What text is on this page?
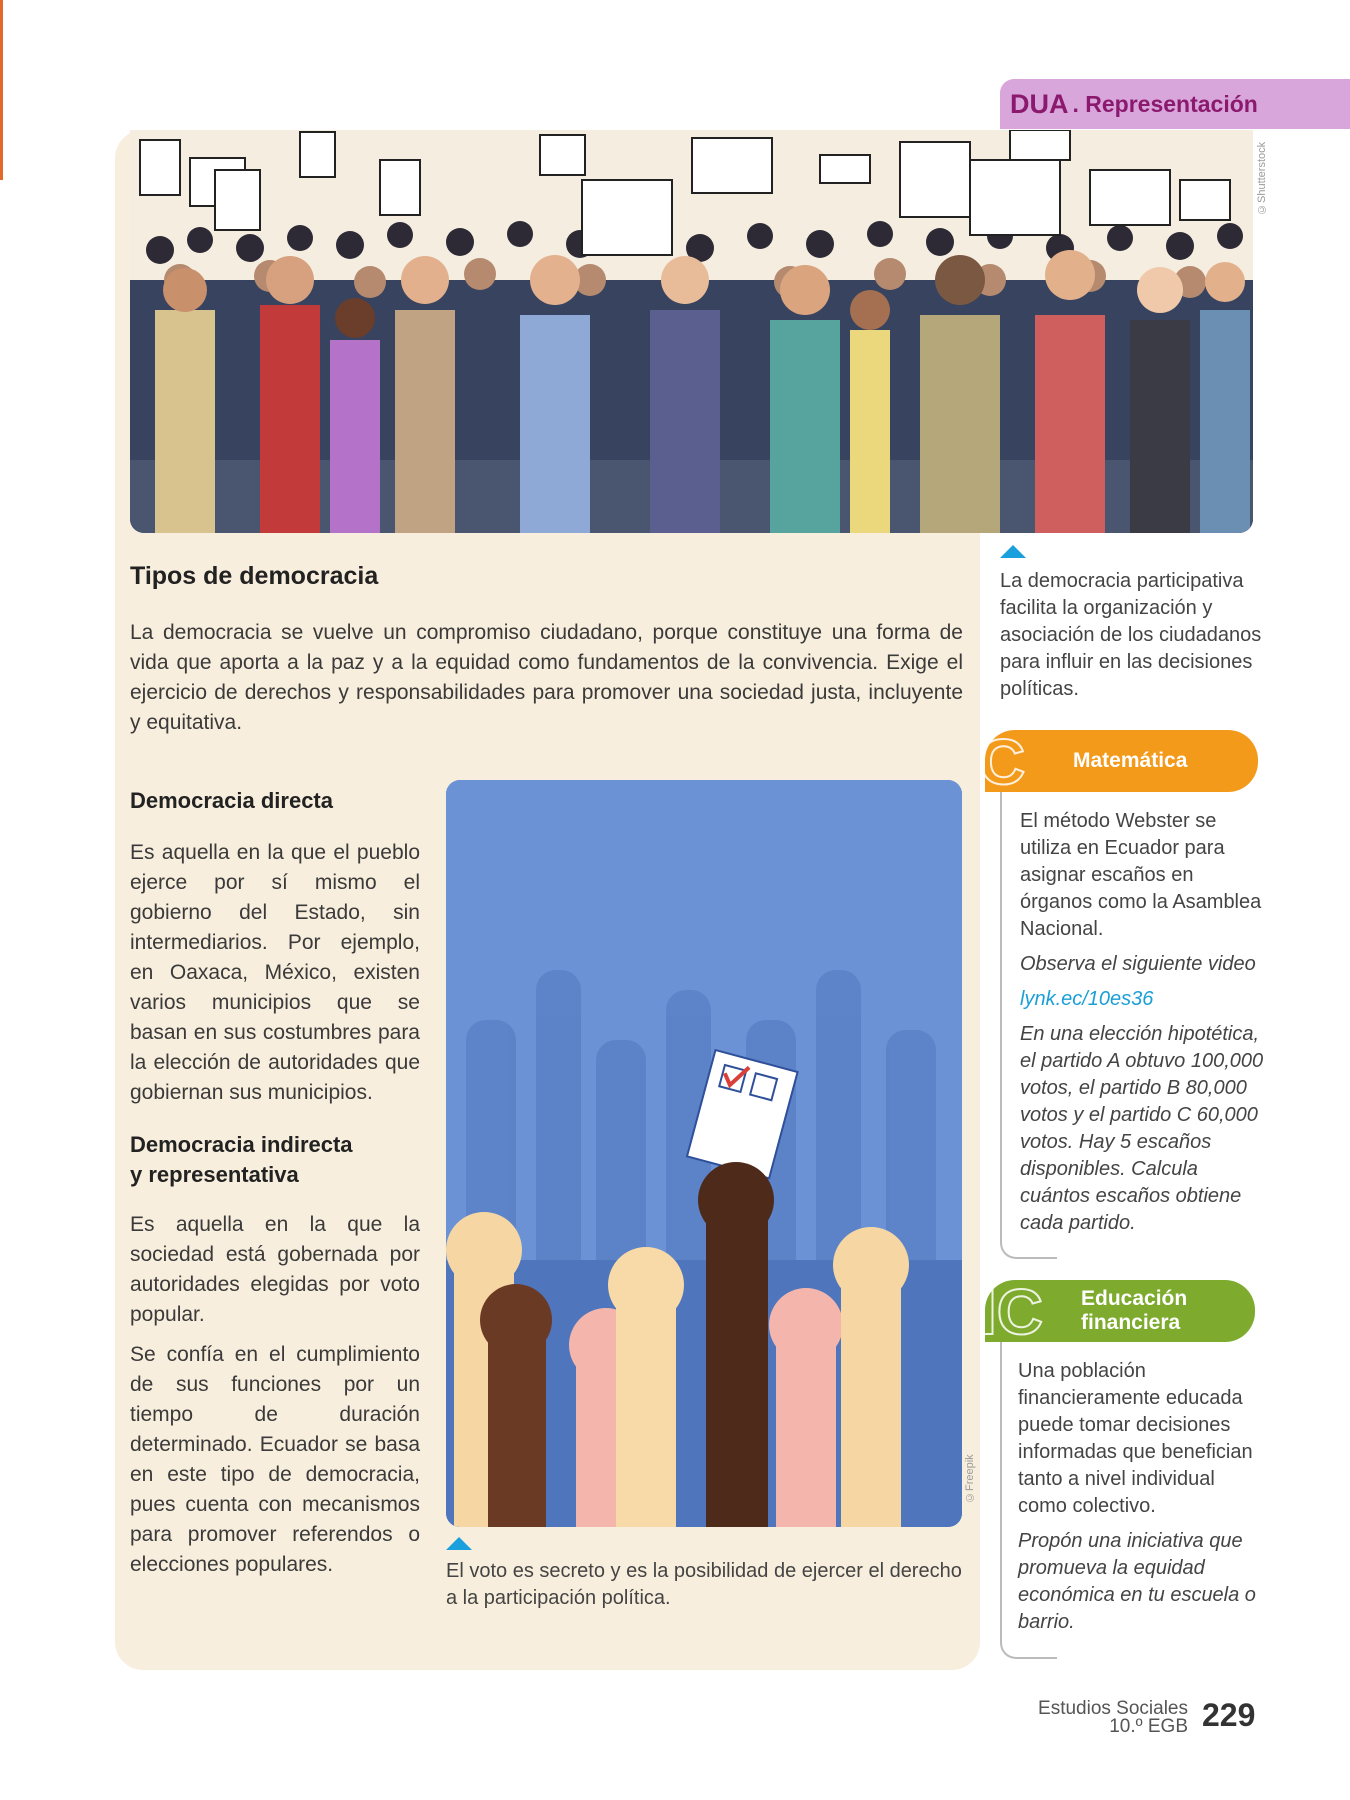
DUA . Representación
©Shutterstock
La democracia participativa facilita la organización y asociación de los ciudadanos para influir en las decisiones políticas.
Tipos de democracia

La democracia se vuelve un compromiso ciudadano, porque constituye una forma de vida que aporta a la paz y a la equidad como fundamentos de la convivencia. Exige el ejercicio de derechos y responsabilidades para promover una sociedad justa, incluyente y equitativa.

Democracia directa

Es aquella en la que el pueblo ejerce por sí mismo el gobierno del Estado, sin intermediarios. Por ejemplo, en Oaxaca, México, existen varios municipios que se basan en sus costumbres para la elección de autoridades que gobiernan sus municipios.

Democracia indirecta
y representativa

Es aquella en la que la sociedad está gobernada por autoridades elegidas por voto popular.

Se confía en el cumplimiento de sus funciones por un tiempo de duración determinado. Ecuador se basa en este tipo de democracia, pues cuenta con mecanismos para promover referendos o elecciones populares.

©Freepik
El voto es secreto y es la posibilidad de ejercer el derecho a la participación política.
C Matemática

El método Webster se utiliza en Ecuador para asignar escaños en órganos como la Asamblea Nacional.

Observa el siguiente video

lynk.ec/10es36

En una elección hipotética, el partido A obtuvo 100,000 votos, el partido B 80,000 votos y el partido C 60,000 votos. Hay 5 escaños disponibles. Calcula cuántos escaños obtiene cada partido.

IC Educación
financiera

Una población financieramente educada puede tomar decisiones informadas que benefician tanto a nivel individual como colectivo.

Propón una iniciativa que promueva la equidad económica en tu escuela o barrio.

Estudios Sociales
10.º EGB 229
